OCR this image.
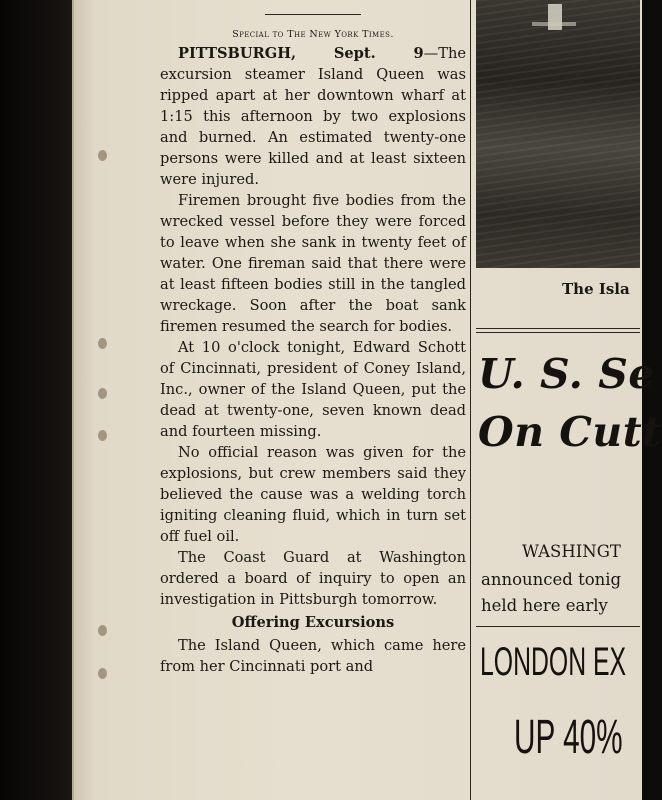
Special to The New York Times.

PITTSBURGH, Sept. 9—The excursion steamer Island Queen was ripped apart at her downtown wharf at 1:15 this afternoon by two explosions and burned. An estimated twenty-one persons were killed and at least sixteen were injured.

Firemen brought five bodies from the wrecked vessel before they were forced to leave when she sank in twenty feet of water. One fireman said that there were at least fifteen bodies still in the tangled wreckage. Soon after the boat sank firemen resumed the search for bodies.

At 10 o'clock tonight, Edward Schott of Cincinnati, president of Coney Island, Inc., owner of the Island Queen, put the dead at twenty-one, seven known dead and fourteen missing.

No official reason was given for the explosions, but crew members said they believed the cause was a welding torch igniting cleaning fluid, which in turn set off fuel oil.

The Coast Guard at Washington ordered a board of inquiry to open an investigation in Pittsburgh tomorrow.

Offering Excursions

The Island Queen, which came here from her Cincinnati port and

The Isla
U. S. Se
On Cutt
WASHINGT
announced tonig
held here early
LONDON EX
UP 40%
